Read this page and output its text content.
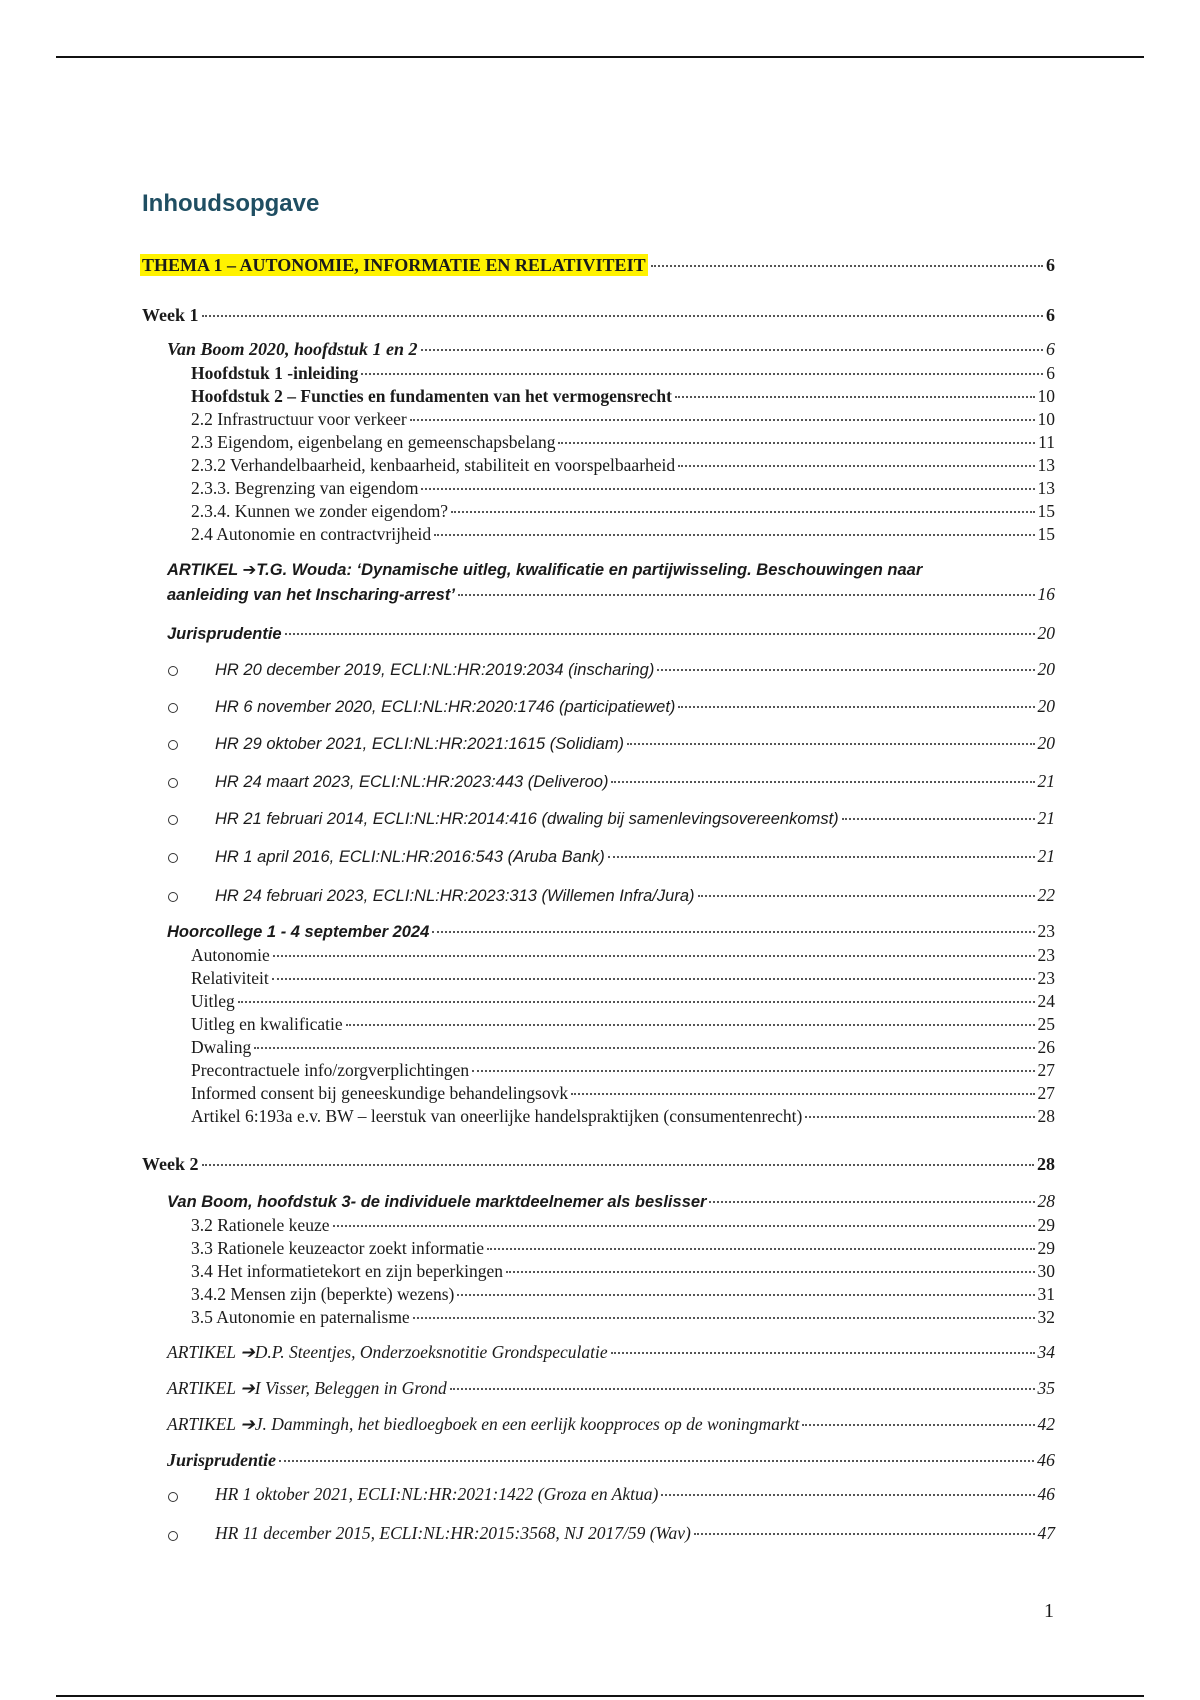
Inhoudsopgave
THEMA 1 – AUTONOMIE, INFORMATIE EN RELATIVITEIT	6
Week 1	6
Van Boom 2020, hoofdstuk 1 en 2	6
Hoofdstuk 1 -inleiding	6
Hoofdstuk 2 – Functies en fundamenten van het vermogensrecht	10
2.2 Infrastructuur voor verkeer	10
2.3 Eigendom, eigenbelang en gemeenschapsbelang	11
2.3.2 Verhandelbaarheid, kenbaarheid, stabiliteit en voorspelbaarheid	13
2.3.3. Begrenzing van eigendom	13
2.3.4. Kunnen we zonder eigendom?	15
2.4 Autonomie en contractvrijheid	15
ARTIKEL ➔T.G. Wouda: ‘Dynamische uitleg, kwalificatie en partijwisseling. Beschouwingen naar
aanleiding van het Inscharing-arrest’	16
Jurisprudentie	20
HR 20 december 2019, ECLI:NL:HR:2019:2034 (inscharing)	20
HR 6 november 2020, ECLI:NL:HR:2020:1746 (participatiewet)	20
HR 29 oktober 2021, ECLI:NL:HR:2021:1615 (Solidiam)	20
HR 24 maart 2023, ECLI:NL:HR:2023:443 (Deliveroo)	21
HR 21 februari 2014, ECLI:NL:HR:2014:416 (dwaling bij samenlevingsovereenkomst)	21
HR 1 april 2016, ECLI:NL:HR:2016:543 (Aruba Bank)	21
HR 24 februari 2023, ECLI:NL:HR:2023:313 (Willemen Infra/Jura)	22
Hoorcollege 1 - 4 september 2024	23
Autonomie	23
Relativiteit	23
Uitleg	24
Uitleg en kwalificatie	25
Dwaling	26
Precontractuele info/zorgverplichtingen	27
Informed consent bij geneeskundige behandelingsovk	27
Artikel 6:193a e.v. BW – leerstuk van oneerlijke handelspraktijken (consumentenrecht)	28
Week 2	28
Van Boom, hoofdstuk 3- de individuele marktdeelnemer als beslisser	28
3.2 Rationele keuze	29
3.3 Rationele keuzeactor zoekt informatie	29
3.4 Het informatietekort en zijn beperkingen	30
3.4.2 Mensen zijn (beperkte) wezens)	31
3.5 Autonomie en paternalisme	32
ARTIKEL ➔D.P. Steentjes, Onderzoeksnotitie Grondspeculatie	34
ARTIKEL ➔I Visser, Beleggen in Grond	35
ARTIKEL ➔J. Dammingh, het biedloegboek en een eerlijk koopproces op de woningmarkt	42
Jurisprudentie	46
HR 1 oktober 2021, ECLI:NL:HR:2021:1422 (Groza en Aktua)	46
HR 11 december 2015, ECLI:NL:HR:2015:3568, NJ 2017/59 (Wav)	47
1
